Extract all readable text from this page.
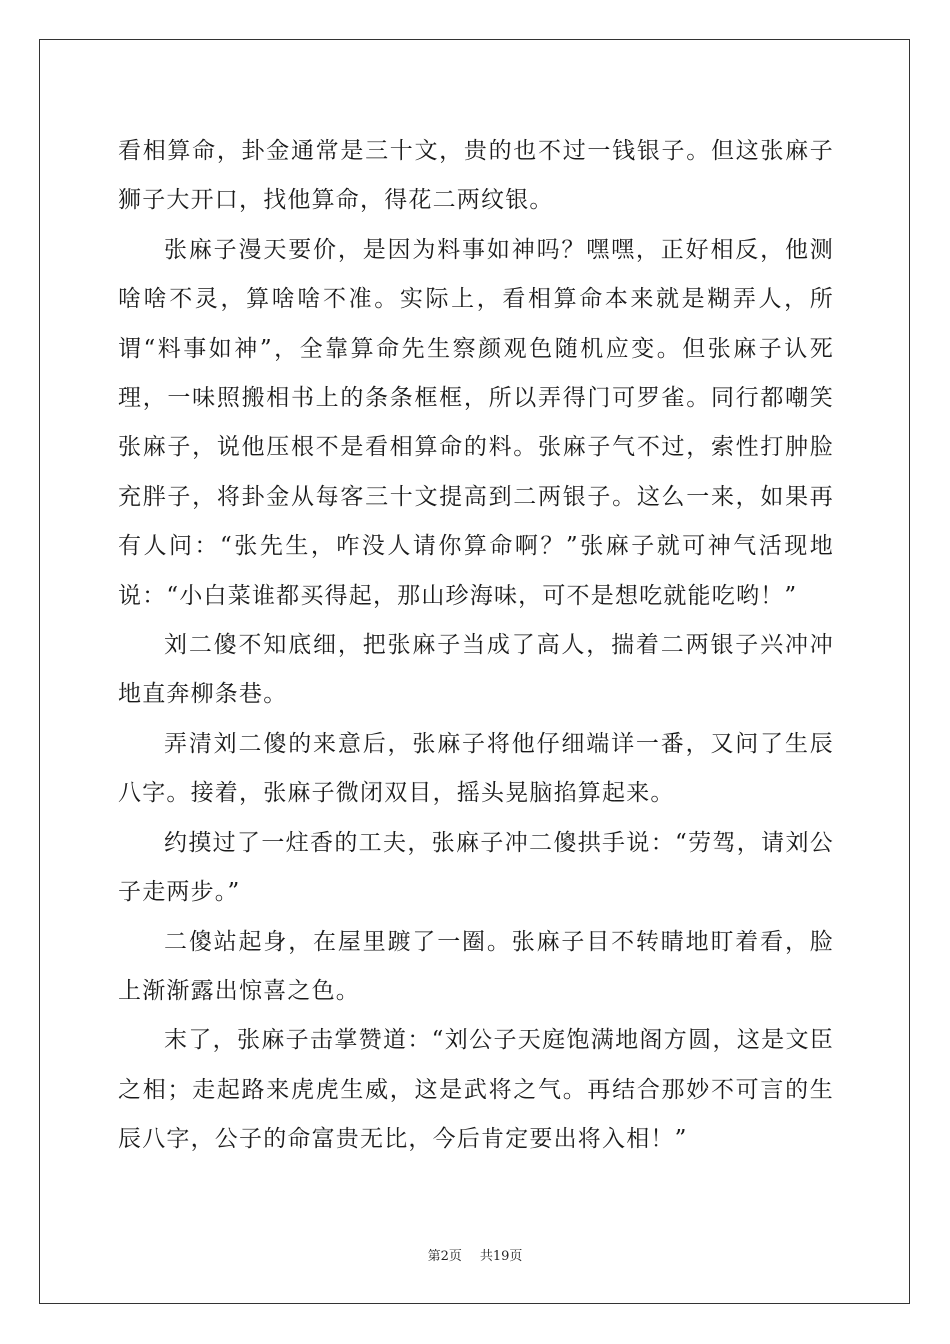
看相算命，卦金通常是三十文，贵的也不过一钱银子。但这张麻子狮子大开口，找他算命，得花二两纹银。

张麻子漫天要价，是因为料事如神吗？嘿嘿，正好相反，他测啥啥不灵，算啥啥不准。实际上，看相算命本来就是糊弄人，所谓“料事如神”，全靠算命先生察颜观色随机应变。但张麻子认死理，一味照搬相书上的条条框框，所以弄得门可罗雀。同行都嘲笑张麻子，说他压根不是看相算命的料。张麻子气不过，索性打肿脸充胖子，将卦金从每客三十文提高到二两银子。这么一来，如果再有人问：“张先生，咋没人请你算命啊？”张麻子就可神气活现地说：“小白菜谁都买得起，那山珍海味，可不是想吃就能吃哟！”

刘二傻不知底细，把张麻子当成了高人，揣着二两银子兴冲冲地直奔柳条巷。

弄清刘二傻的来意后，张麻子将他仔细端详一番，又问了生辰八字。接着，张麻子微闭双目，摇头晃脑掐算起来。

约摸过了一炷香的工夫，张麻子冲二傻拱手说：“劳驾，请刘公子走两步。”

二傻站起身，在屋里踱了一圈。张麻子目不转睛地盯着看，脸上渐渐露出惊喜之色。

末了，张麻子击掌赞道：“刘公子天庭饱满地阁方圆，这是文臣之相；走起路来虎虎生威，这是武将之气。再结合那妙不可言的生辰八字，公子的命富贵无比，今后肯定要出将入相！”

第2页 共19页
